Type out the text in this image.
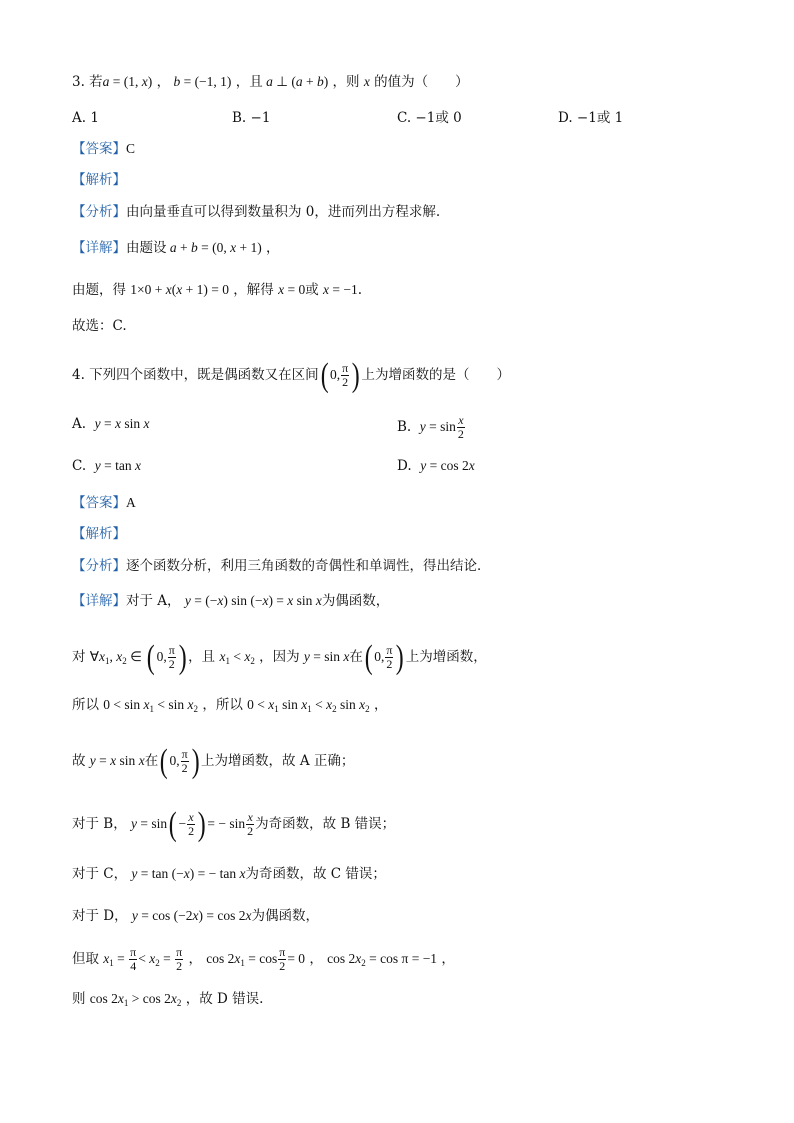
3. 若a = (1, x) ， b = (−1, 1) ，且 a ⊥ (a + b) ，则 x 的值为（　　）
A. 1	B. −1	C. −1或 0	D. −1或 1
【答案】C
【解析】
【分析】由向量垂直可以得到数量积为 0，进而列出方程求解.
【详解】由题设 a + b = (0, x + 1) ，
由题，得 1×0 + x(x + 1) = 0 ，解得 x = 0或 x = −1.
故选：C.
4. 下列四个函数中，既是偶函数又在区间( 0, $\frac{\pi}{2}$ ) 上为增函数的是（　　）
A.  y = x sin x	B.  $y = \sin \frac{x}{2}$
C.  y = tan x	D.  y = cos 2x
【答案】A
【解析】
【分析】逐个函数分析，利用三角函数的奇偶性和单调性，得出结论．
【详解】对于 A， y = (−x) sin (−x) = x sin x为偶函数，
对 $\forall x_1$, $x_2$ ∈ ( 0, $\frac{\pi}{2}$ ) ，且 $x_1 < x_2$ ，因为 y = sin x在( 0, $\frac{\pi}{2}$ ) 上为增函数，
所以 $0 < \sin x_1 < \sin x_2$ ，所以 $0 < x_1$ $\sin x_1 < x_2$ $\sin x_2$ ，
故 y = x sin x在( 0, $\frac{\pi}{2}$ ) 上为增函数，故 A 正确；
对于 B， $y = \sin( - \frac{x}{2}$ ) = − $\sin \frac{x}{2}$ 为奇函数，故 B 错误；
对于 C， y = tan (−x) = − tan x为奇函数，故 C 错误；
对于 D， y = cos (−2x) = cos 2x为偶函数，
但取 $x_1 = \frac{\pi}{4} < x_2 = \frac{\pi}{2}$ ， $\cos 2x_1 = \cos \frac{\pi}{2} = 0$ ， $\cos 2x_2 = \cos \pi = -1$ ，
则 $\cos 2x_1 > \cos 2x_2$ ，故 D 错误.
